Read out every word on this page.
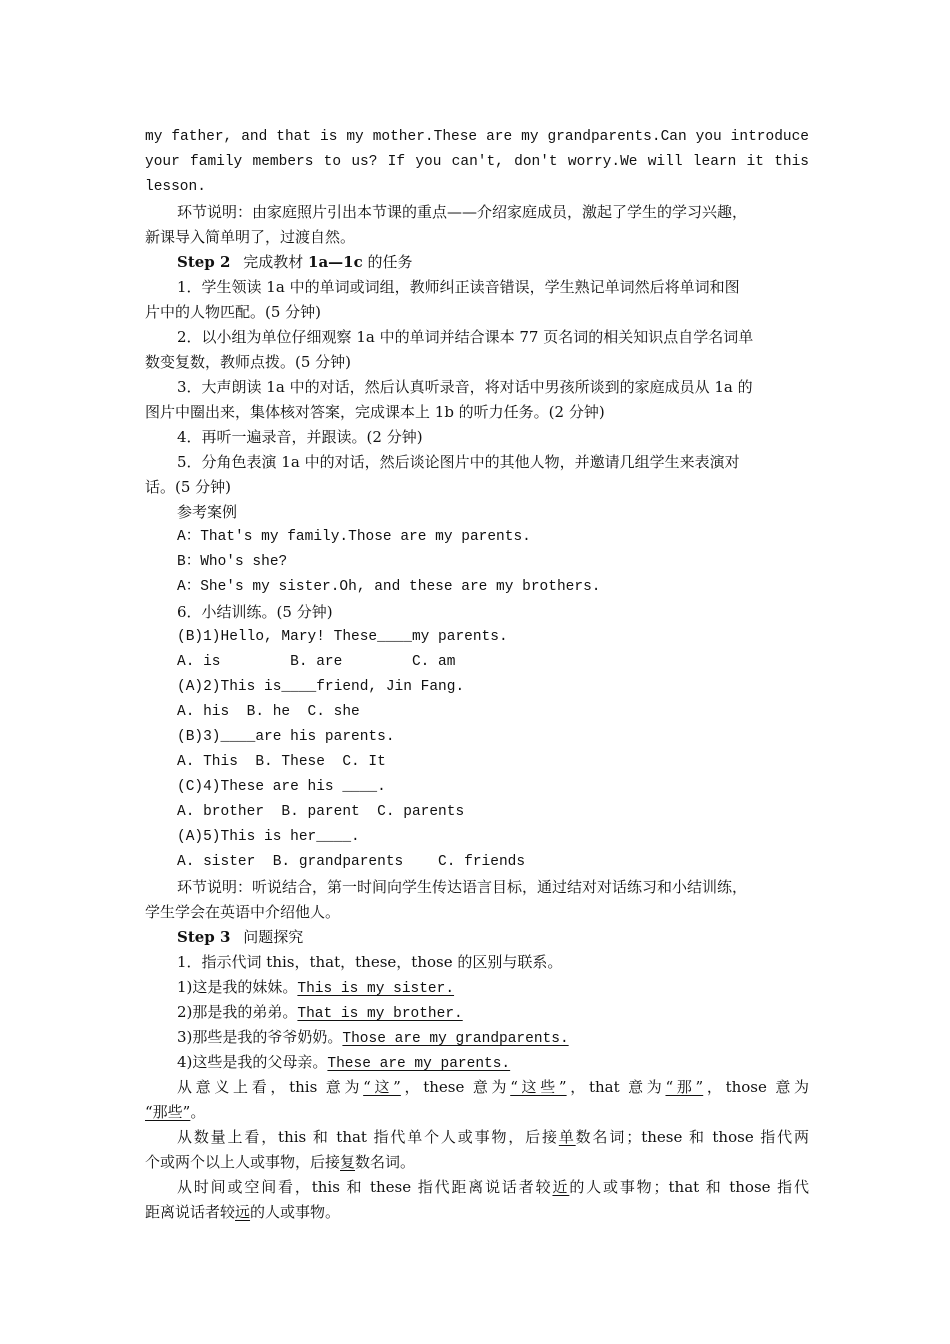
my father, and that is my mother.These are my grandparents.Can you introduce
your family members to us? If you can't, don't worry.We will learn it this
lesson.
环节说明：由家庭照片引出本节课的重点——介绍家庭成员，激起了学生的学习兴趣，
新课导入简单明了，过渡自然。
Step 2 完成教材 1a—1c 的任务
1．学生领读 1a 中的单词或词组，教师纠正读音错误，学生熟记单词然后将单词和图
片中的人物匹配。(5 分钟)
2．以小组为单位仔细观察 1a 中的单词并结合课本 77 页名词的相关知识点自学名词单
数变复数，教师点拨。(5 分钟)
3．大声朗读 1a 中的对话，然后认真听录音，将对话中男孩所谈到的家庭成员从 1a 的
图片中圈出来，集体核对答案，完成课本上 1b 的听力任务。(2 分钟)
4．再听一遍录音，并跟读。(2 分钟)
5．分角色表演 1a 中的对话，然后谈论图片中的其他人物，并邀请几组学生来表演对
话。(5 分钟)
参考案例
A：That's my family.Those are my parents.
B：Who's she?
A：She's my sister.Oh, and these are my brothers.
6．小结训练。(5 分钟)
(B)1)Hello, Mary! These____my parents.
A. is        B. are        C. am
(A)2)This is____friend, Jin Fang.
A. his  B. he  C. she
(B)3)____are his parents.
A. This  B. These  C. It
(C)4)These are his ____.
A. brother  B. parent  C. parents
(A)5)This is her____.
A. sister  B. grandparents    C. friends
环节说明：听说结合，第一时间向学生传达语言目标，通过结对对话练习和小结训练，
学生学会在英语中介绍他人。
Step 3 问题探究
1．指示代词 this，that，these，those 的区别与联系。
1)这是我的妹妹。This is my sister.
2)那是我的弟弟。That is my brother.
3)那些是我的爷爷奶奶。Those are my grandparents.
4)这些是我的父母亲。These are my parents.
从意义上看，this 意为“这”，these 意为“这些”，that 意为“那”，those 意为
“那些”。
从数量上看，this 和 that 指代单个人或事物，后接单数名词；these 和 those 指代两
个或两个以上人或事物，后接复数名词。
从时间或空间看，this 和 these 指代距离说话者较近的人或事物；that 和 those 指代
距离说话者较远的人或事物。
